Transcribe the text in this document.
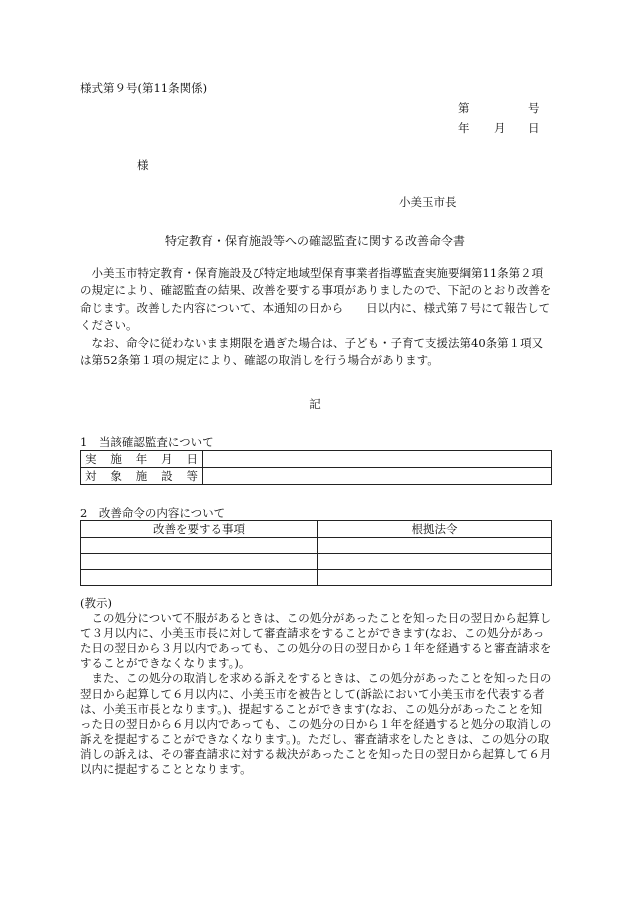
様式第９号(第11条関係)
第	号
年 月 日
様
小美玉市長
特定教育・保育施設等への確認監査に関する改善命令書

小美玉市特定教育・保育施設及び特定地域型保育事業者指導監査実施要綱第11条第２項の規定により、確認監査の結果、改善を要する事項がありましたので、下記のとおり改善を命じます。改善した内容について、本通知の日から　　日以内に、様式第７号にて報告してください。

なお、命令に従わないまま期限を過ぎた場合は、子ども・子育て支援法第40条第１項又は第52条第１項の規定により、確認の取消しを行う場合があります。

記
1　当該確認監査について
実施年月日	
対象施設等	
2　改善命令の内容について
改善を要する事項	根拠法令

(教示)

この処分について不服があるときは、この処分があったことを知った日の翌日から起算して３月以内に、小美玉市長に対して審査請求をすることができます(なお、この処分があった日の翌日から３月以内であっても、この処分の日の翌日から１年を経過すると審査請求をすることができなくなります。)。

また、この処分の取消しを求める訴えをするときは、この処分があったことを知った日の翌日から起算して６月以内に、小美玉市を被告として(訴訟において小美玉市を代表する者は、小美玉市長となります。)、提起することができます(なお、この処分があったことを知った日の翌日から６月以内であっても、この処分の日から１年を経過すると処分の取消しの訴えを提起することができなくなります。)。ただし、審査請求をしたときは、この処分の取消しの訴えは、その審査請求に対する裁決があったことを知った日の翌日から起算して６月以内に提起することとなります。
